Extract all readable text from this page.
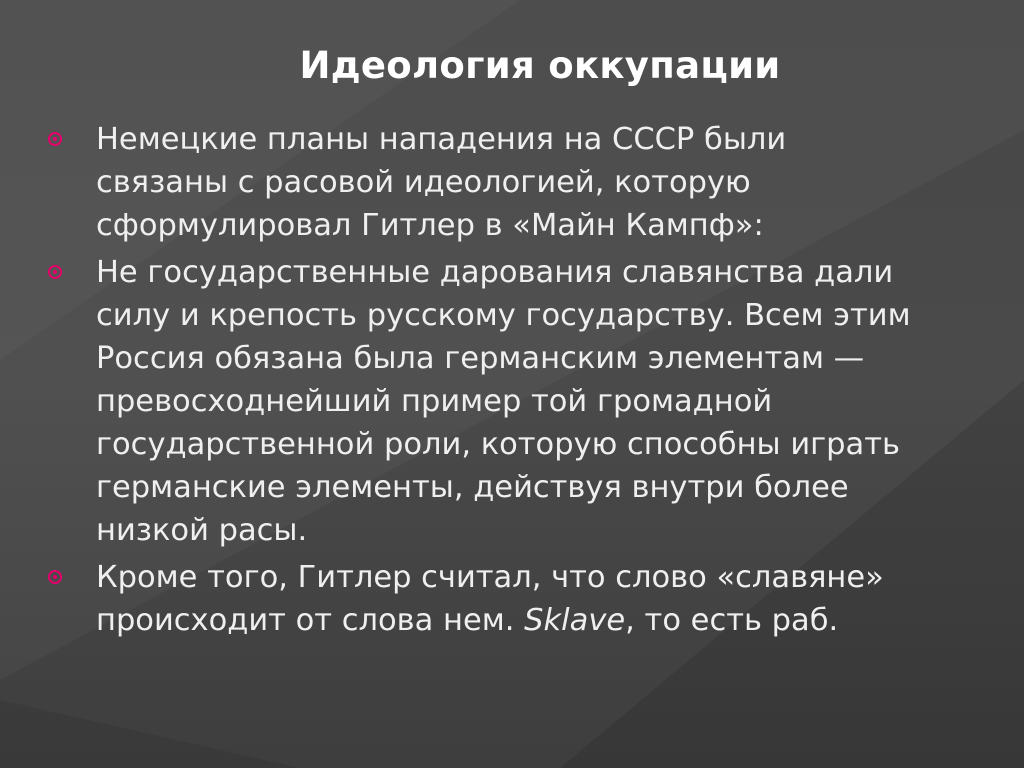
Идеология оккупации
Немецкие планы нападения на СССР были
связаны с расовой идеологией, которую
сформулировал Гитлер в «Майн Кампф»:
Не государственные дарования славянства дали
силу и крепость русскому государству. Всем этим
Россия обязана была германским элементам —
превосходнейший пример той громадной
государственной роли, которую способны играть
германские элементы, действуя внутри более
низкой расы.
Кроме того, Гитлер считал, что слово «славяне»
происходит от слова нем. Sklave, то есть раб.
